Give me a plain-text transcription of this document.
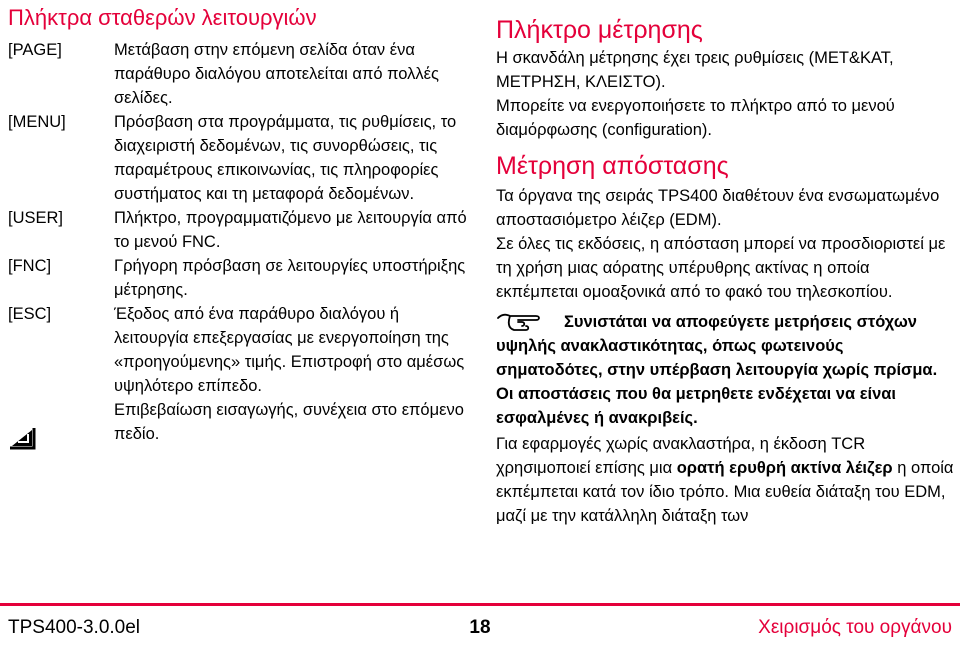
Πλήκτρα σταθερών λειτουργιών
[PAGE]	Μετάβαση στην επόμενη σελίδα όταν ένα παράθυρο διαλόγου αποτελείται από πολλές σελίδες.
[MENU]	Πρόσβαση στα προγράμματα, τις ρυθμίσεις, το διαχειριστή δεδομένων, τις συνορθώσεις, τις παραμέτρους επικοινωνίας, τις πληροφορίες συστήματος και τη μεταφορά δεδομένων.
[USER]	Πλήκτρο, προγραμματιζόμενο με λειτουργία από το μενού FNC.
[FNC]	Γρήγορη πρόσβαση σε λειτουργίες υποστήριξης μέτρησης.
[ESC]	Έξοδος από ένα παράθυρο διαλόγου ή λειτουργία επεξεργασίας με ενεργοποίηση της «προηγούμενης» τιμής. Επιστροφή στο αμέσως υψηλότερο επίπεδο.
Επιβεβαίωση εισαγωγής, συνέχεια στο επόμενο πεδίο.
Πλήκτρο μέτρησης

Η σκανδάλη μέτρησης έχει τρεις ρυθμίσεις (ΜΕΤ&ΚΑΤ, ΜΕΤΡΗΣΗ, ΚΛΕΙΣΤΟ).

Μπορείτε να ενεργοποιήσετε το πλήκτρο από το μενού διαμόρφωσης (configuration).

Μέτρηση απόστασης

Τα όργανα της σειράς TPS400 διαθέτουν ένα ενσωματωμένο αποστασιόμετρο λέιζερ (EDM).

Σε όλες τις εκδόσεις, η απόσταση μπορεί να προσδιοριστεί με τη χρήση μιας αόρατης υπέρυθρης ακτίνας η οποία εκπέμπεται ομοαξονικά από το φακό του τηλεσκοπίου.

Συνιστάται να αποφεύγετε μετρήσεις στόχων υψηλής ανακλαστικότητας, όπως φωτεινούς σηματοδότες, στην υπέρβαση λειτουργία χωρίς πρίσμα. Οι αποστάσεις που θα μετρηθετε ενδέχεται να είναι εσφαλμένες ή ανακριβείς.

Για εφαρμογές χωρίς ανακλαστήρα, η έκδοση TCR χρησιμοποιεί επίσης μια ορατή ερυθρή ακτίνα λέιζερ η οποία εκπέμπεται κατά τον ίδιο τρόπο. Μια ευθεία διάταξη του EDM, μαζί με την κατάλληλη διάταξη των

TPS400-3.0.0el	18	Χειρισμός του οργάνου
